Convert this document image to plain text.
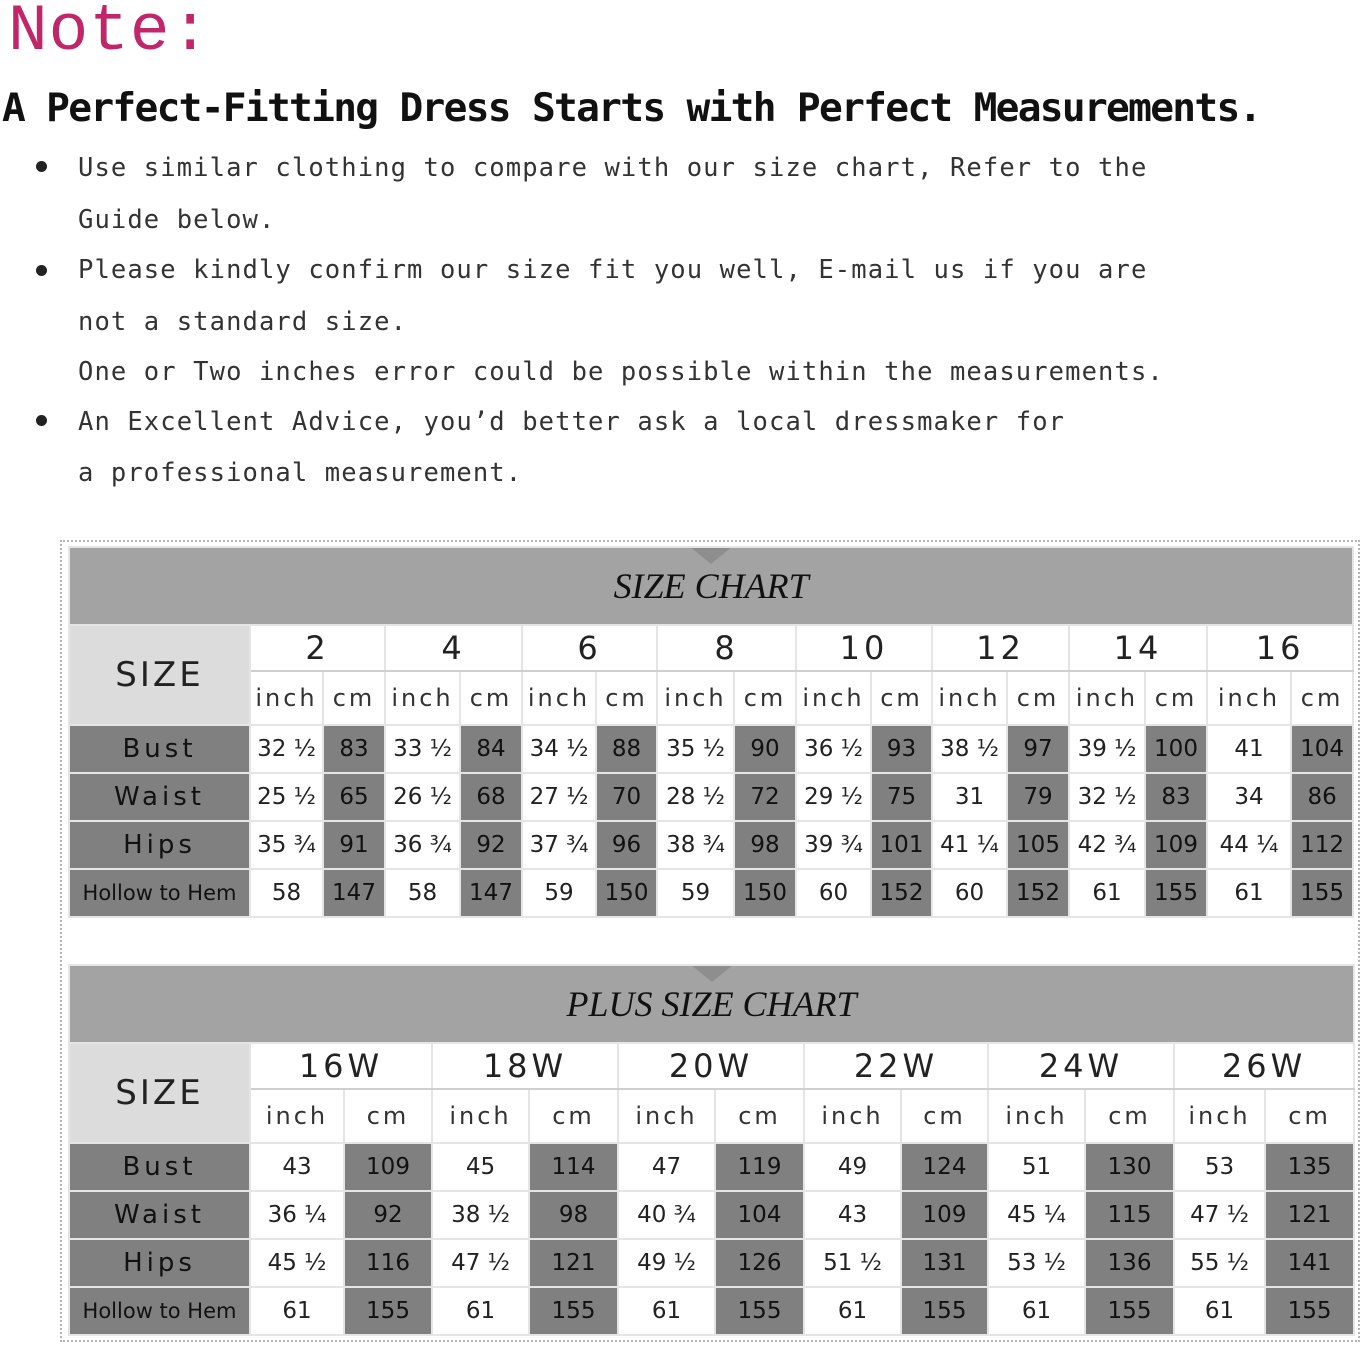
Note:
A Perfect-Fitting Dress Starts with Perfect Measurements.
Use similar clothing to compare with our size chart, Refer to the
Guide below.
Please kindly confirm our size fit you well, E-mail us if you are
not a standard size.
One or Two inches error could be possible within the measurements.
An Excellent Advice, you’d better ask a local dressmaker for
a professional measurement.
SIZE CHART																
SIZE	2		4		6		8		10		12		14		16	
	inch	cm	inch	cm	inch	cm	inch	cm	inch	cm	inch	cm	inch	cm	inch	cm
Bust	32 ½	83	33 ½	84	34 ½	88	35 ½	90	36 ½	93	38 ½	97	39 ½	100	41	104
Waist	25 ½	65	26 ½	68	27 ½	70	28 ½	72	29 ½	75	31	79	32 ½	83	34	86
Hips	35 ¾	91	36 ¾	92	37 ¾	96	38 ¾	98	39 ¾	101	41 ¼	105	42 ¾	109	44 ¼	112
Hollow to Hem	58	147	58	147	59	150	59	150	60	152	60	152	61	155	61	155
PLUS SIZE CHART												
SIZE	16W		18W		20W		22W		24W		26W	
	inch	cm	inch	cm	inch	cm	inch	cm	inch	cm	inch	cm
Bust	43	109	45	114	47	119	49	124	51	130	53	135
Waist	36 ¼	92	38 ½	98	40 ¾	104	43	109	45 ¼	115	47 ½	121
Hips	45 ½	116	47 ½	121	49 ½	126	51 ½	131	53 ½	136	55 ½	141
Hollow to Hem	61	155	61	155	61	155	61	155	61	155	61	155
